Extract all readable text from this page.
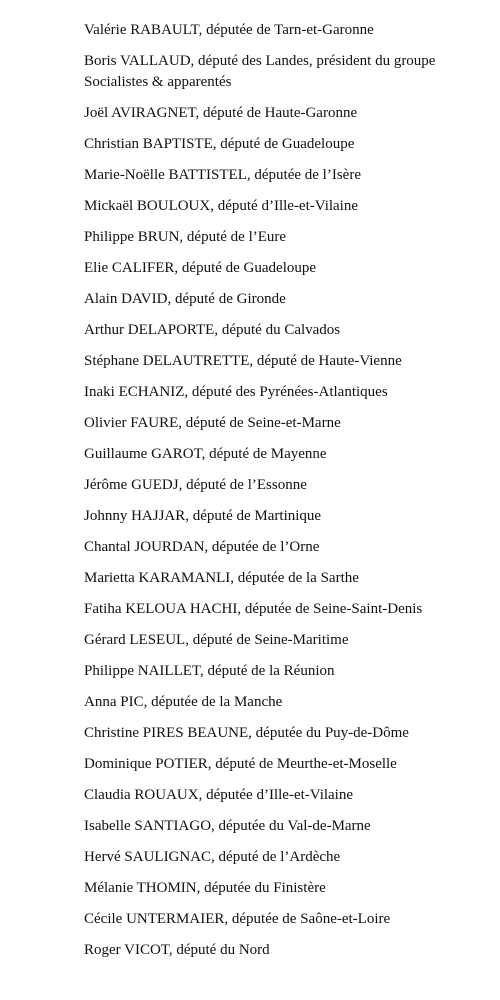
Valérie RABAULT, députée de Tarn-et-Garonne
Boris VALLAUD, député des Landes, président du groupe Socialistes & apparentés
Joël AVIRAGNET, député de Haute-Garonne
Christian BAPTISTE, député de Guadeloupe
Marie-Noëlle BATTISTEL, députée de l’Isère
Mickaël BOULOUX, député d’Ille-et-Vilaine
Philippe BRUN, député de l’Eure
Elie CALIFER, député de Guadeloupe
Alain DAVID, député de Gironde
Arthur DELAPORTE, député du Calvados
Stéphane DELAUTRETTE, député de Haute-Vienne
Inaki ECHANIZ, député des Pyrénées-Atlantiques
Olivier FAURE, député de Seine-et-Marne
Guillaume GAROT, député de Mayenne
Jérôme GUEDJ, député de l’Essonne
Johnny HAJJAR, député de Martinique
Chantal JOURDAN, députée de l’Orne
Marietta KARAMANLI, députée de la Sarthe
Fatiha KELOUA HACHI, députée de Seine-Saint-Denis
Gérard LESEUL, député de Seine-Maritime
Philippe NAILLET, député de la Réunion
Anna PIC, députée de la Manche
Christine PIRES BEAUNE, députée du Puy-de-Dôme
Dominique POTIER, député de Meurthe-et-Moselle
Claudia ROUAUX, députée d’Ille-et-Vilaine
Isabelle SANTIAGO, députée du Val-de-Marne
Hervé SAULIGNAC, député de l’Ardèche
Mélanie THOMIN, députée du Finistère
Cécile UNTERMAIER, députée de Saône-et-Loire
Roger VICOT, député du Nord
